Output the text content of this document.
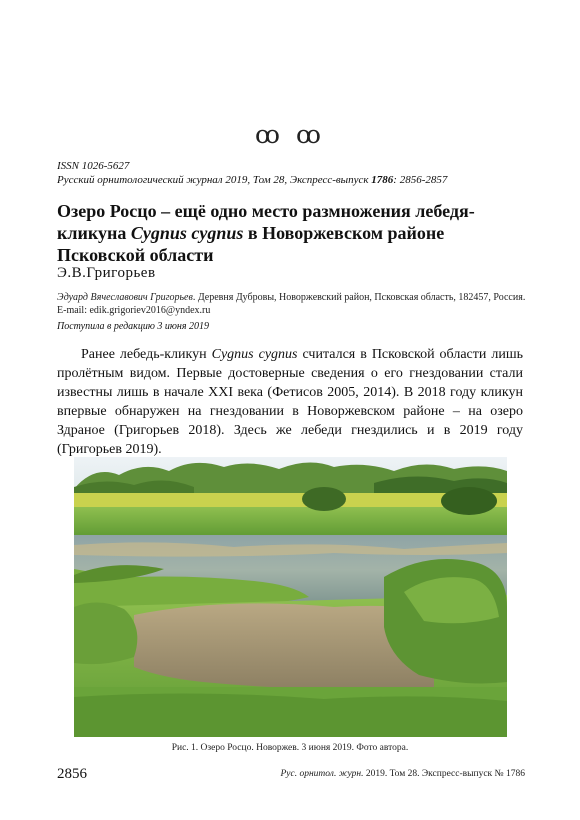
ꝏ ꝏ
ISSN 1026-5627
Русский орнитологический журнал 2019, Том 28, Экспресс-выпуск 1786: 2856-2857
Озеро Росцо – ещё одно место размножения лебедя-кликуна Cygnus cygnus в Новоржевском районе Псковской области
Э.В.Григорьев
Эдуард Вячеславович Григорьев. Деревня Дубровы, Новоржевский район, Псковская область, 182457, Россия. E-mail: edik.grigoriev2016@yndex.ru
Поступила в редакцию 3 июня 2019

Ранее лебедь-кликун Cygnus cygnus считался в Псковской области лишь пролётным видом. Первые достоверные сведения о его гнездовании стали известны лишь в начале XXI века (Фетисов 2005, 2014). В 2018 году кликун впервые обнаружен на гнездовании в Новоржевском районе – на озеро Здраное (Григорьев 2018). Здесь же лебеди гнездились и в 2019 году (Григорьев 2019).

Рис. 1. Озеро Росцо. Новоржев. 3 июня 2019. Фото автора.
2856	Рус. орнитол. журн. 2019. Том 28. Экспресс-выпуск № 1786
